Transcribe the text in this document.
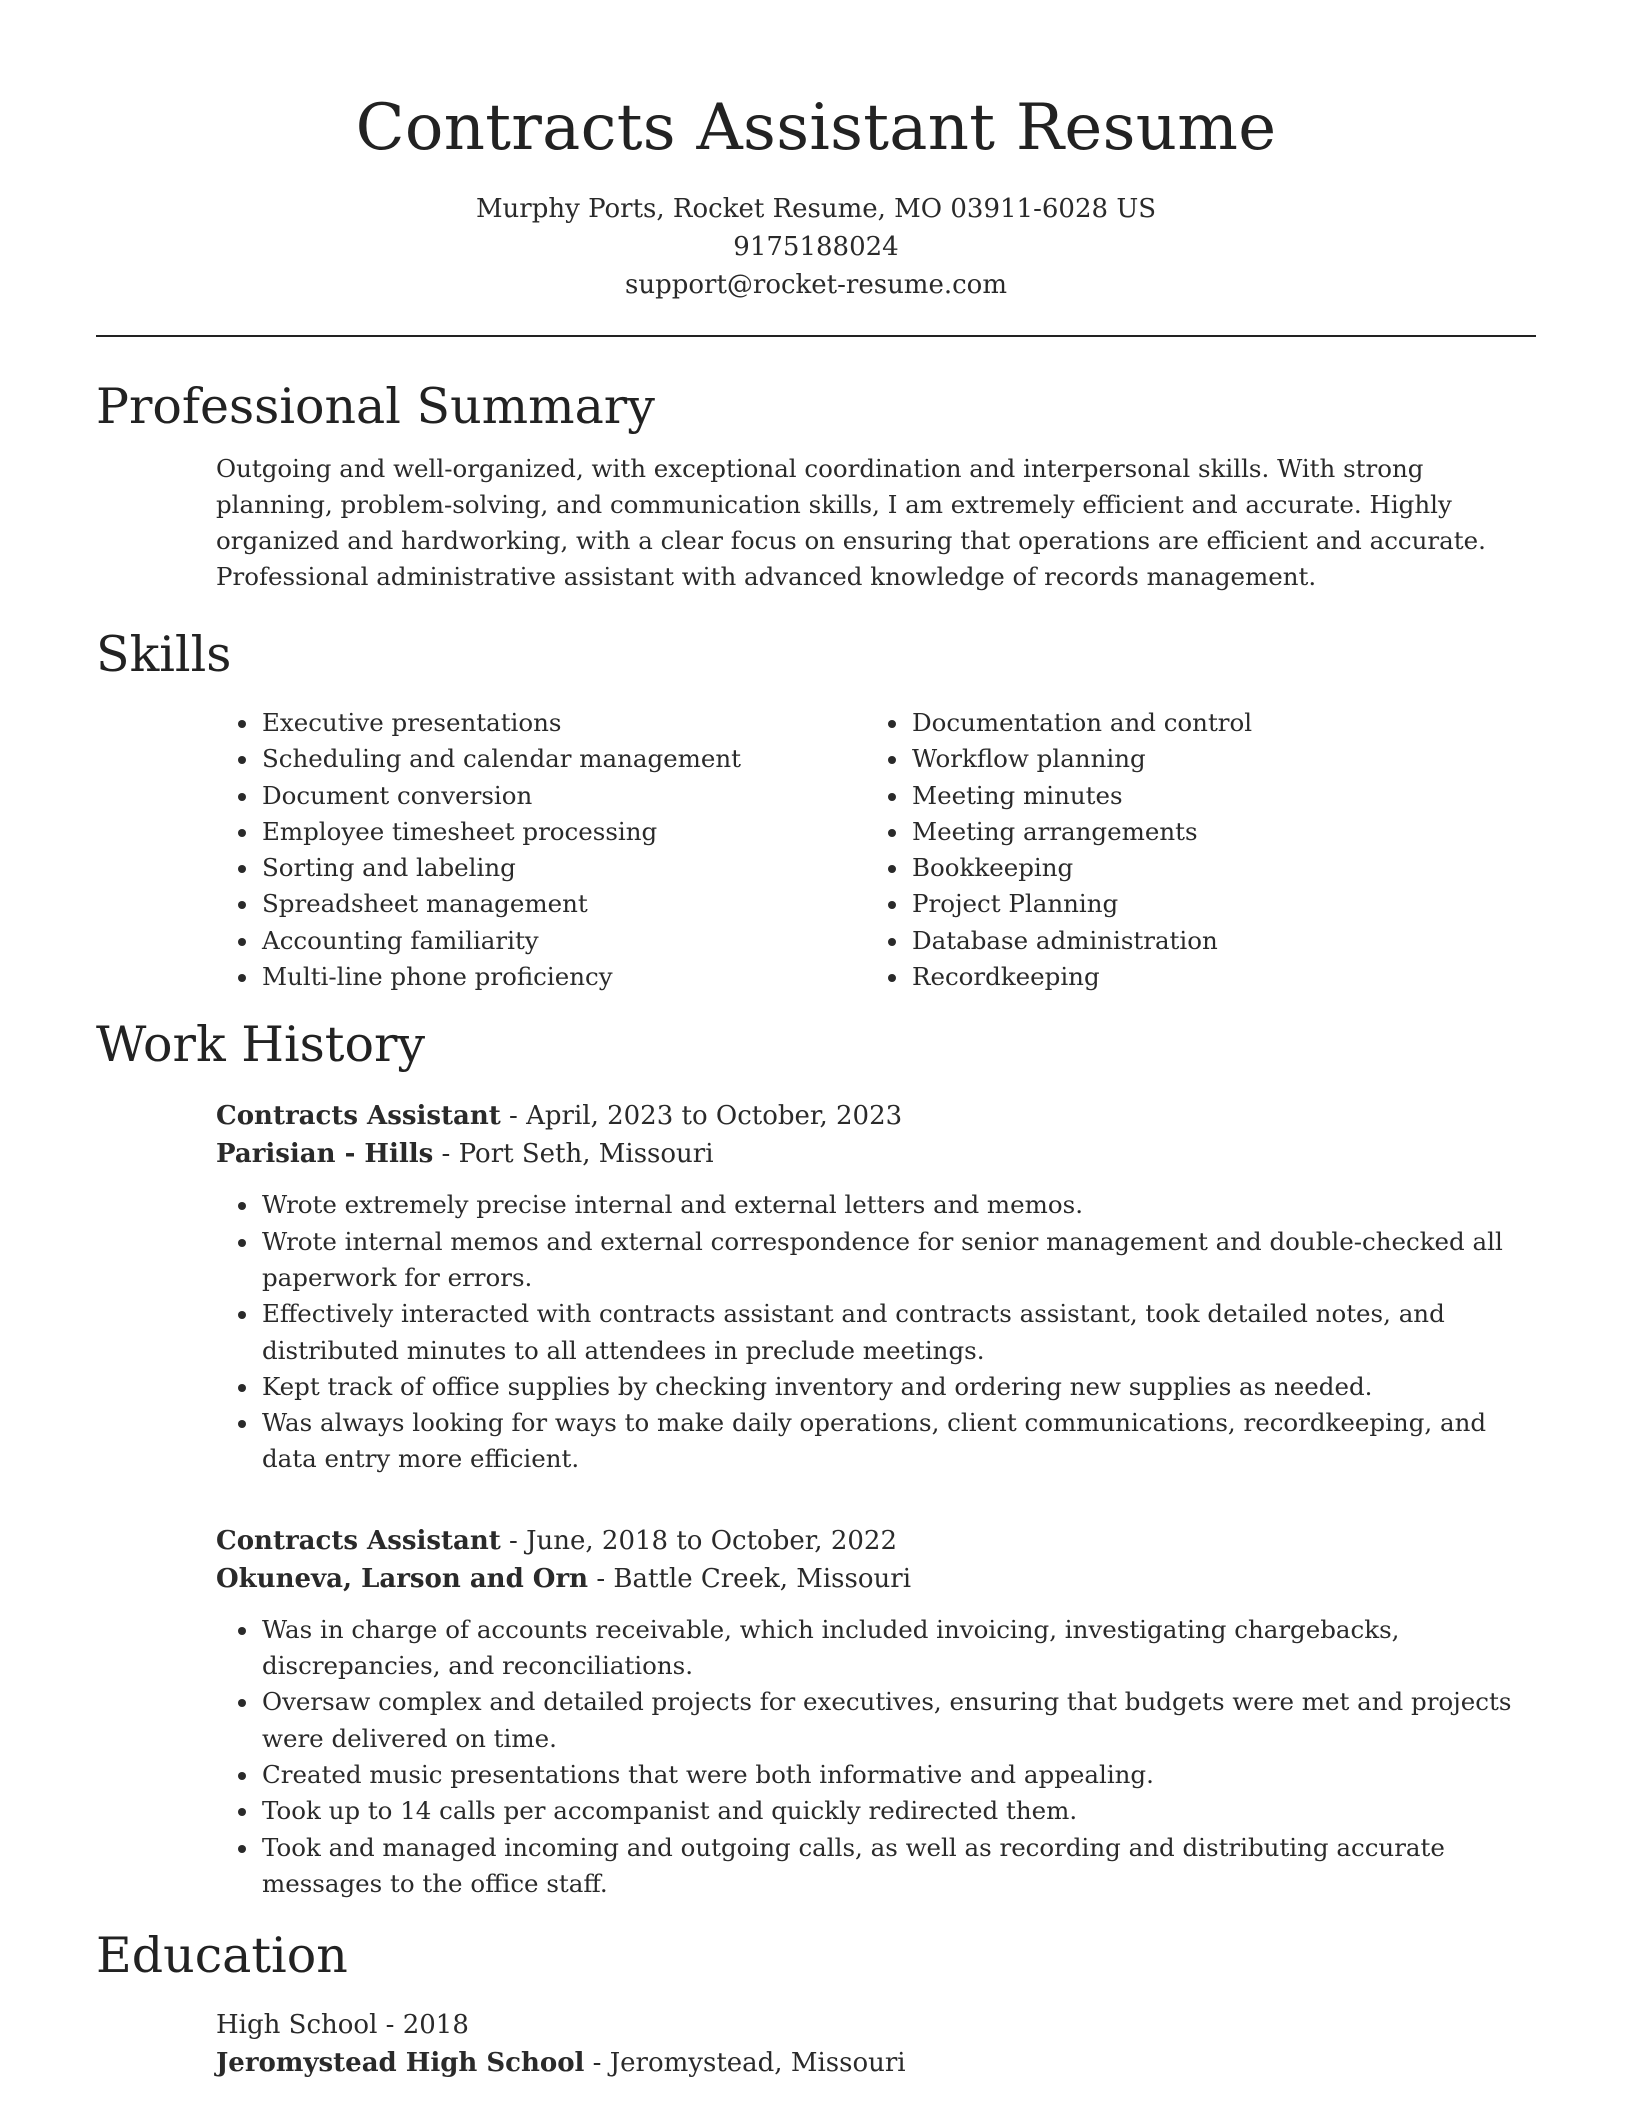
Contracts Assistant Resume
Murphy Ports, Rocket Resume, MO 03911-6028 US
9175188024
support@rocket-resume.com
Professional Summary
Outgoing and well-organized, with exceptional coordination and interpersonal skills. With strong planning, problem-solving, and communication skills, I am extremely efficient and accurate. Highly organized and hardworking, with a clear focus on ensuring that operations are efficient and accurate. Professional administrative assistant with advanced knowledge of records management.
Skills
• Executive presentations
• Scheduling and calendar management
• Document conversion
• Employee timesheet processing
• Sorting and labeling
• Spreadsheet management
• Accounting familiarity
• Multi-line phone proficiency
• Documentation and control
• Workflow planning
• Meeting minutes
• Meeting arrangements
• Bookkeeping
• Project Planning
• Database administration
• Recordkeeping
Work History
Contracts Assistant - April, 2023 to October, 2023
Parisian - Hills - Port Seth, Missouri
• Wrote extremely precise internal and external letters and memos.
• Wrote internal memos and external correspondence for senior management and double-checked all paperwork for errors.
• Effectively interacted with contracts assistant and contracts assistant, took detailed notes, and distributed minutes to all attendees in preclude meetings.
• Kept track of office supplies by checking inventory and ordering new supplies as needed.
• Was always looking for ways to make daily operations, client communications, recordkeeping, and data entry more efficient.
Contracts Assistant - June, 2018 to October, 2022
Okuneva, Larson and Orn - Battle Creek, Missouri
• Was in charge of accounts receivable, which included invoicing, investigating chargebacks, discrepancies, and reconciliations.
• Oversaw complex and detailed projects for executives, ensuring that budgets were met and projects were delivered on time.
• Created music presentations that were both informative and appealing.
• Took up to 14 calls per accompanist and quickly redirected them.
• Took and managed incoming and outgoing calls, as well as recording and distributing accurate messages to the office staff.
Education
High School - 2018
Jeromystead High School - Jeromystead, Missouri
